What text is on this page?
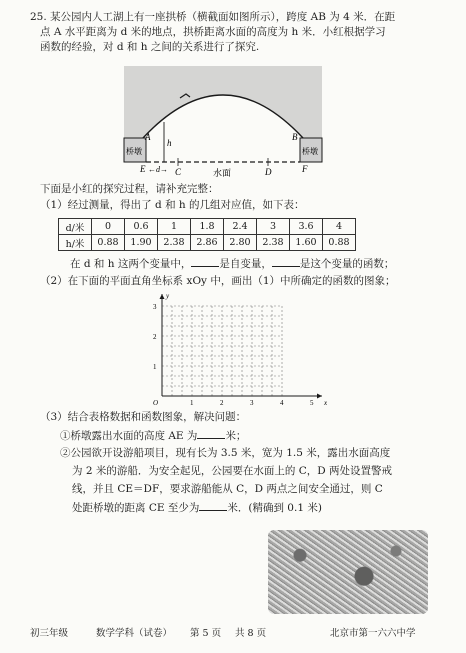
25. 某公园内人工湖上有一座拱桥（横截面如图所示），跨度 AB 为 4 米．在距
点 A 水平距离为 d 米的地点，拱桥距离水面的高度为 h 米．小红根据学习
函数的经验，对 d 和 h 之间的关系进行了探究.
A	B
h
桥墩	桥墩
E ←d→ C	水面	D	F
下面是小红的探究过程，请补充完整：
（1）经过测量，得出了 d 和 h 的几组对应值，如下表：
d/米	0	0.6	1	1.8	2.4	3	3.6	4
h/米	0.88	1.90	2.38	2.86	2.80	2.38	1.60	0.88
在 d 和 h 这两个变量中，	是自变量，	是这个变量的函数；
（2）在下面的平面直角坐标系 xOy 中，画出（1）中所确定的函数的图象；
1	2	3	4	5
1
2
3
O	x
y
（3）结合表格数据和函数图象，解决问题：
①桥墩露出水面的高度 AE 为	米；
②公园欲开设游船项目，现有长为 3.5 米，宽为 1.5 米，露出水面高度
为 2 米的游船．为安全起见，公园要在水面上的 C，D 两处设置警戒
线，并且 CE＝DF，要求游船能从 C，D 两点之间安全通过，则 C
处距桥墩的距离 CE 至少为	米．(精确到 0.1 米)
初三年级	数学学科（试卷） 第 5 页 共 8 页	北京市第一六六中学
